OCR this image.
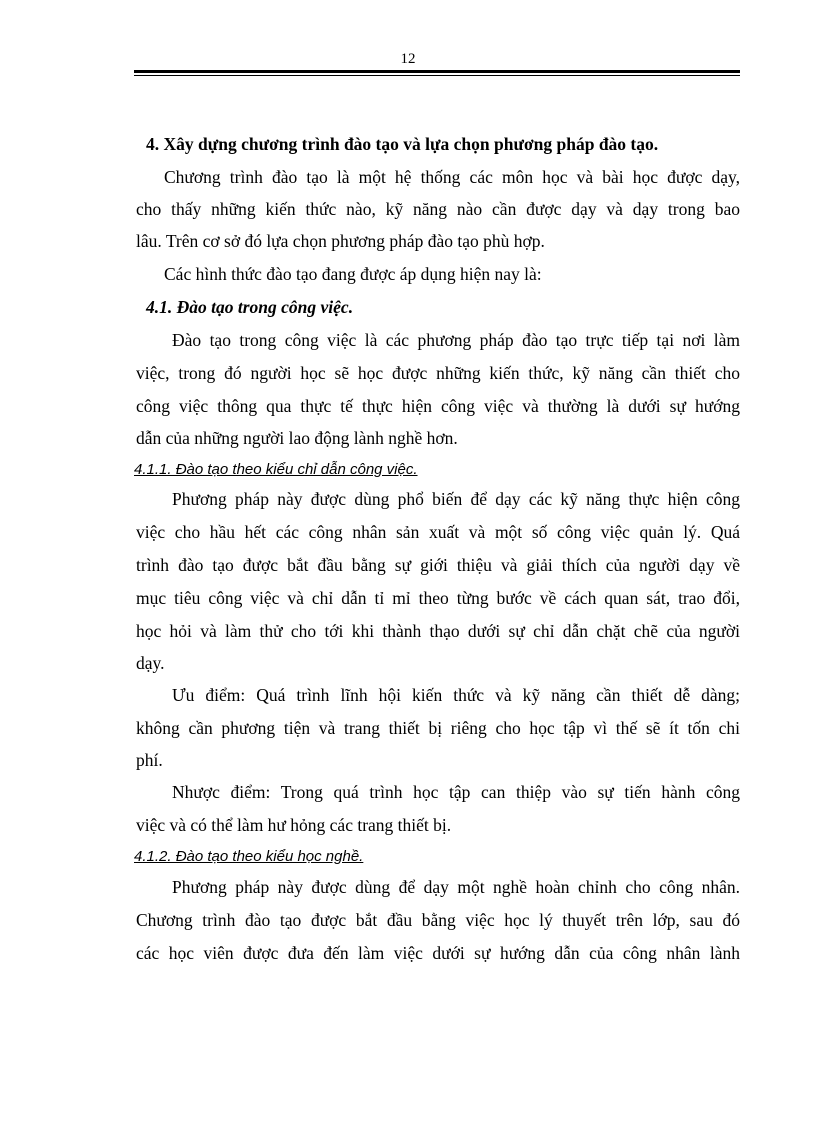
12
4. Xây dựng chương trình đào tạo và lựa chọn phương pháp đào tạo.
Chương trình đào tạo là một hệ thống các môn học và bài học được dạy,
cho thấy những kiến thức nào, kỹ năng nào cần được dạy và dạy trong bao
lâu. Trên cơ sở đó lựa chọn phương pháp đào tạo phù hợp.
Các hình thức đào tạo đang được áp dụng hiện nay là:
4.1. Đào tạo trong công việc.
Đào tạo trong công việc là các phương pháp đào tạo trực tiếp tại nơi làm
việc, trong đó người học sẽ học được những kiến thức, kỹ năng cần thiết cho
công việc thông qua thực tế thực hiện công việc và thường là dưới sự hướng
dẫn của những người lao động lành nghề hơn.
4.1.1. Đào tạo theo kiểu chỉ dẫn công việc.
Phương pháp này được dùng phổ biến để dạy các kỹ năng thực hiện công
việc cho hầu hết các công nhân sản xuất và một số công việc quản lý. Quá
trình đào tạo được bắt đầu bằng sự giới thiệu và giải thích của người dạy về
mục tiêu công việc và chỉ dẫn tỉ mỉ theo từng bước về cách quan sát, trao đổi,
học hỏi và làm thử cho tới khi thành thạo dưới sự chỉ dẫn chặt chẽ của người
dạy.
Ưu điểm: Quá trình lĩnh hội kiến thức và kỹ năng cần thiết dễ dàng;
không cần phương tiện và trang thiết bị riêng cho học tập vì thế sẽ ít tốn chi
phí.
Nhược điểm: Trong quá trình học tập can thiệp vào sự tiến hành công
việc và có thể làm hư hỏng các trang thiết bị.
4.1.2. Đào tạo theo kiểu học nghề.
Phương pháp này được dùng để dạy một nghề hoàn chỉnh cho công nhân.
Chương trình đào tạo được bắt đầu bằng việc học lý thuyết trên lớp, sau đó
các học viên được đưa đến làm việc dưới sự hướng dẫn của công nhân lành
